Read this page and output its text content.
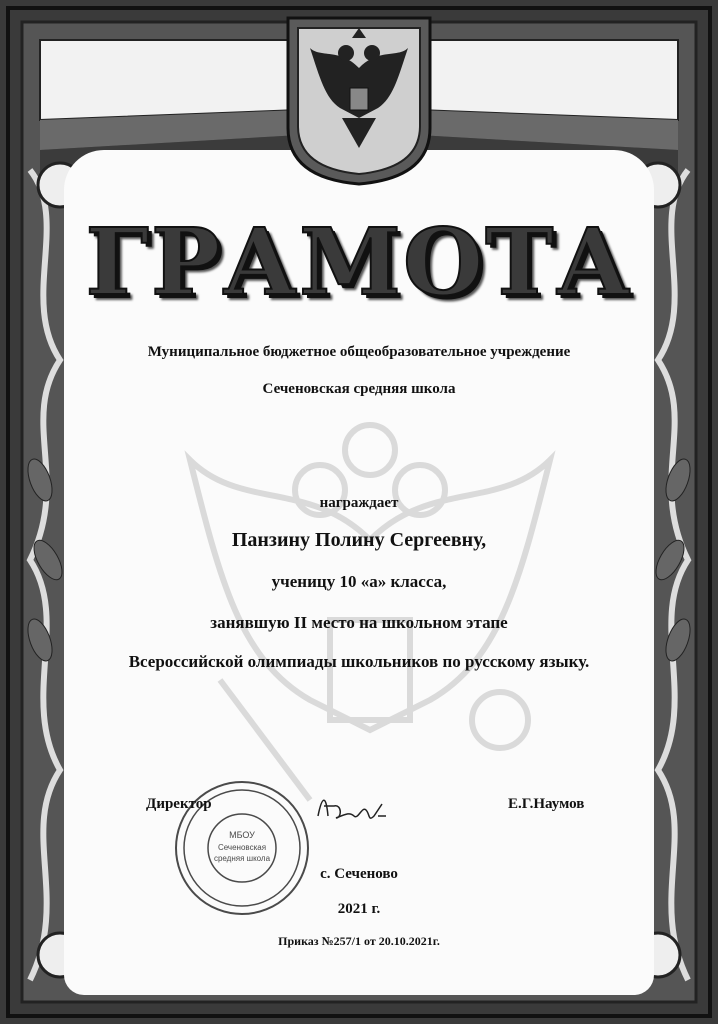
ГРАМОТА
Муниципальное бюджетное общеобразовательное учреждение
Сеченовская средняя школа
награждает
Панзину Полину Сергеевну,
ученицу 10 «а» класса,
занявшую II место на школьном этапе
Всероссийской олимпиады школьников по русскому языку.
МБОУ
Сеченовская
средняя школа
Директор	Е.Г.Наумов
с. Сеченово
2021 г.
Приказ №257/1 от 20.10.2021г.
